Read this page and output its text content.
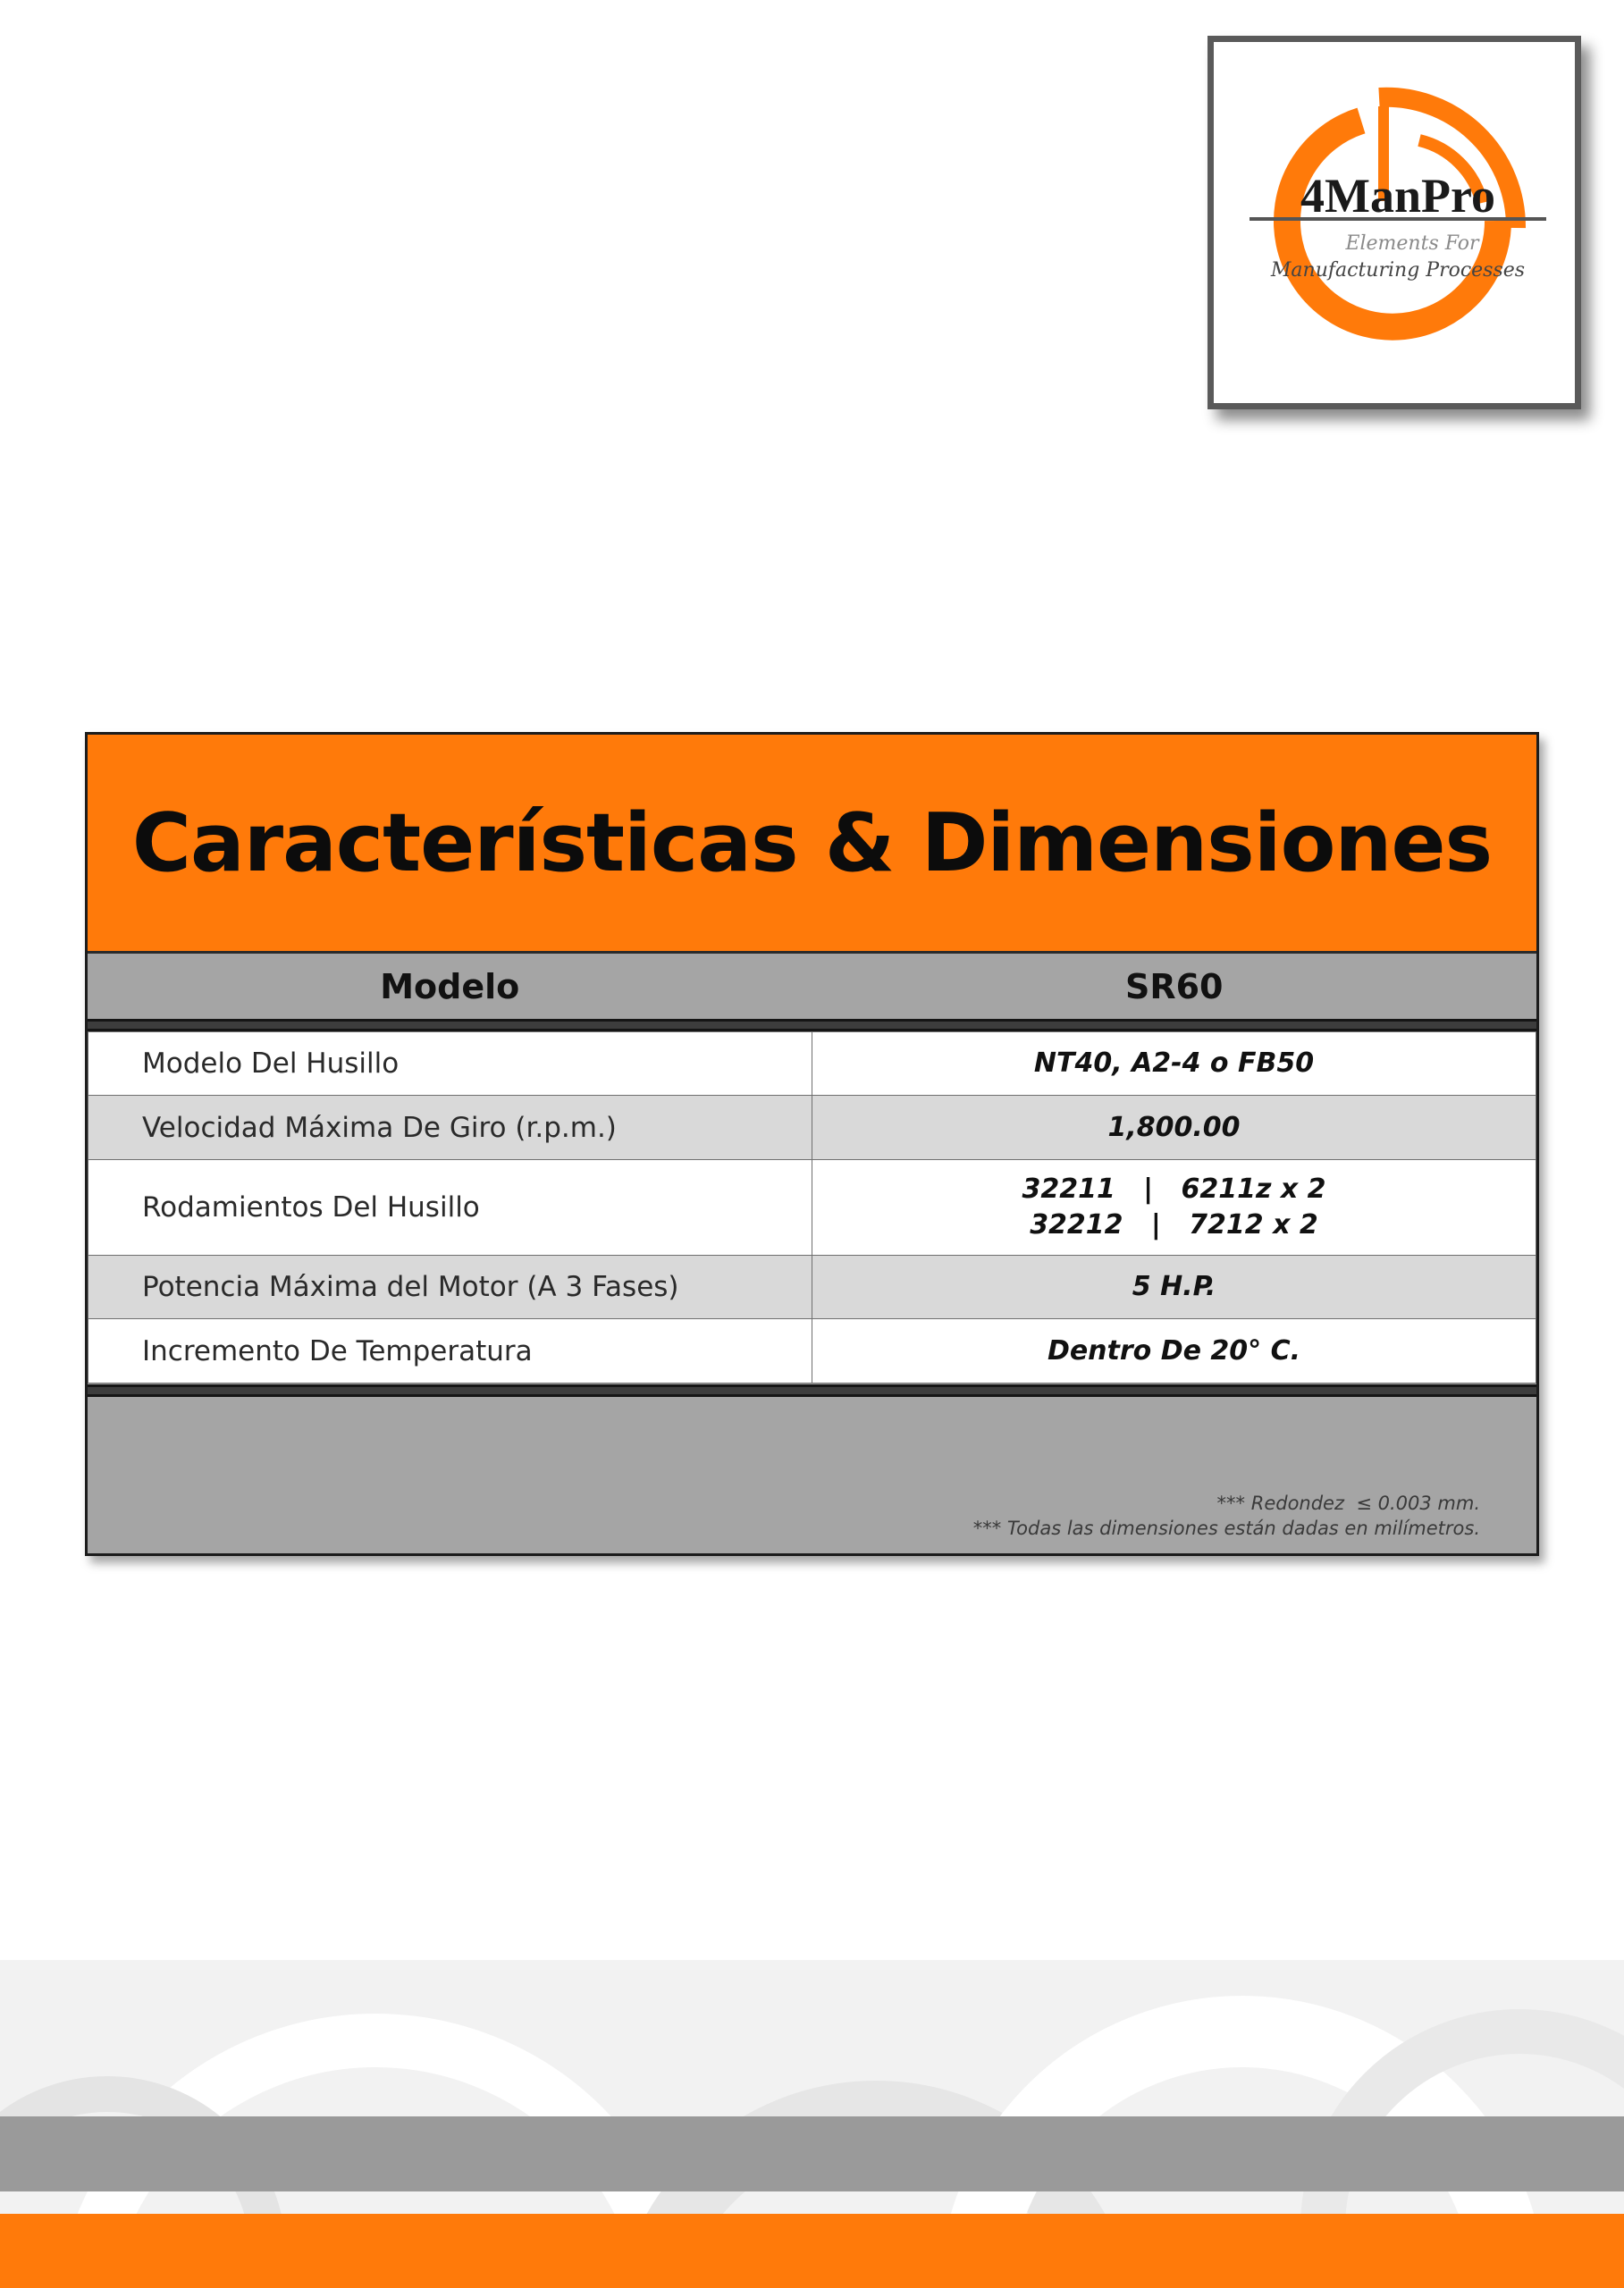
4ManPro
Elements For
Manufacturing Processes
Características & Dimensiones
Modelo	SR60
Modelo Del Husillo	NT40, A2-4 o FB50
Velocidad Máxima De Giro (r.p.m.)	1,800.00
Rodamientos Del Husillo	32211   |   6211z x 2
32212   |   7212 x 2

Potencia Máxima del Motor (A 3 Fases)	5 H.P.
Incremento De Temperatura	Dentro De 20° C.
*** Redondez  ≤ 0.003 mm.
*** Todas las dimensiones están dadas en milímetros.
